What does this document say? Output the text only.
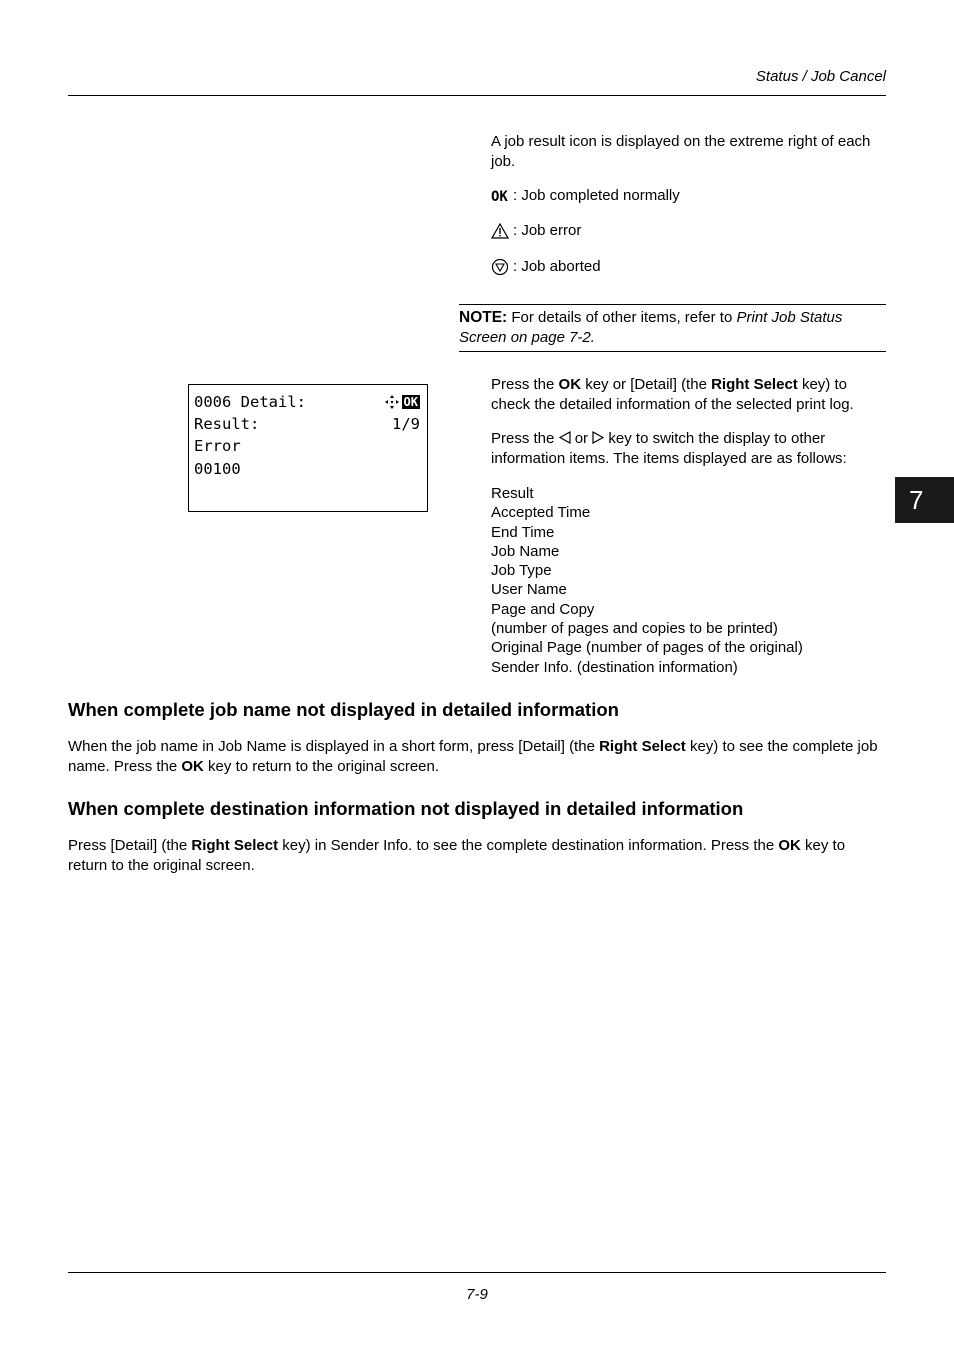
Status / Job Cancel
A job result icon is displayed on the extreme right of each job.
OK : Job completed normally
: Job error
: Job aborted
NOTE: For details of other items, refer to Print Job Status Screen on page 7-2.
0006 Detail:	OK
Result:	1/9
Error
00100
Press the OK key or [Detail] (the Right Select key) to check the detailed information of the selected print log.
Press the  or  key to switch the display to other information items. The items displayed are as follows:
Result
Accepted Time
End Time
Job Name
Job Type
User Name
Page and Copy
(number of pages and copies to be printed)
Original Page (number of pages of the original)
Sender Info. (destination information)
When complete job name not displayed in detailed information
When the job name in Job Name is displayed in a short form, press [Detail] (the Right Select key) to see the complete job name. Press the OK key to return to the original screen.
When complete destination information not displayed in detailed information
Press [Detail] (the Right Select key) in Sender Info. to see the complete destination information. Press the OK key to return to the original screen.
7
7-9
